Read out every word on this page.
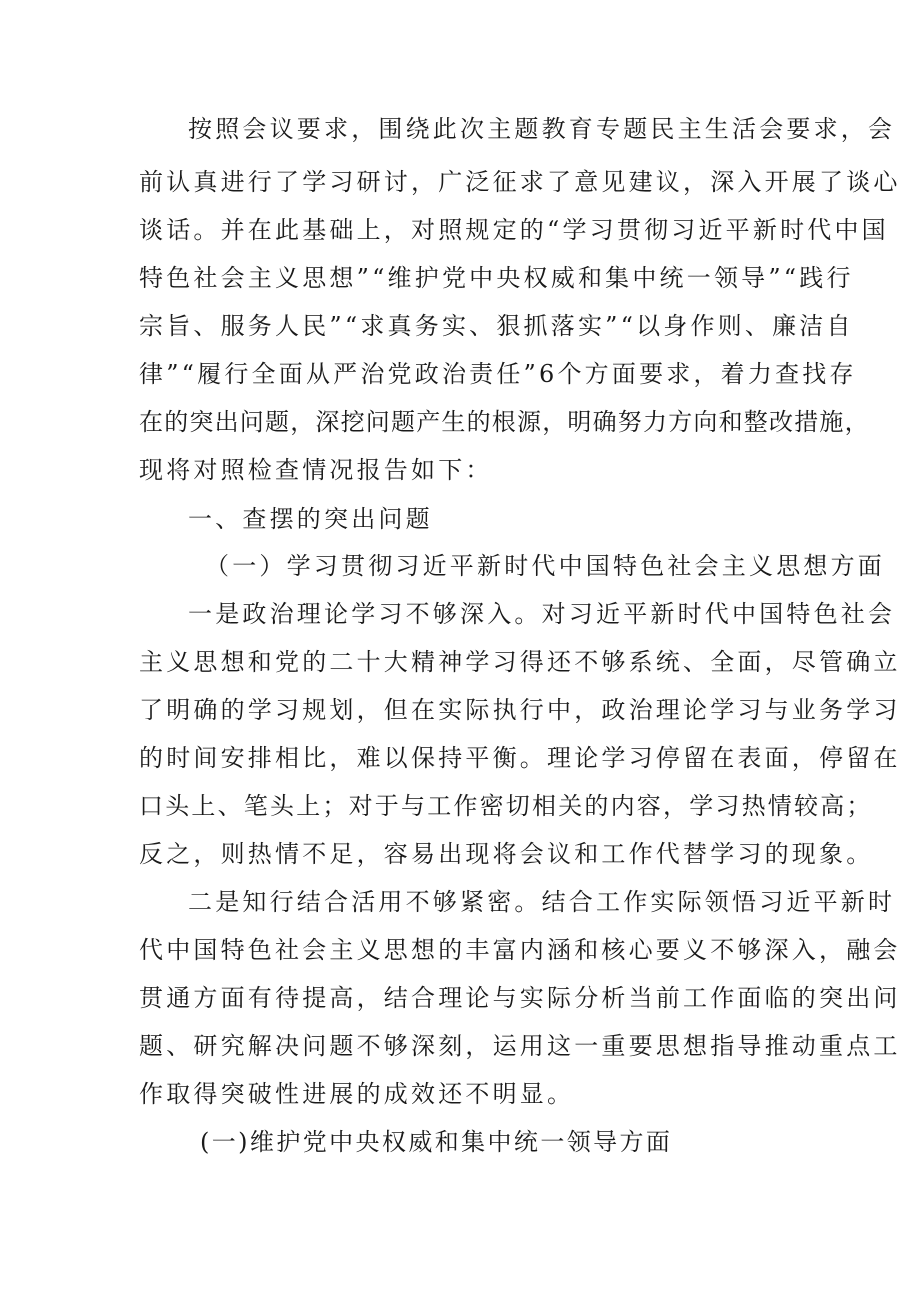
按照会议要求，围绕此次主题教育专题民主生活会要求，会
前认真进行了学习研讨，广泛征求了意见建议，深入开展了谈心
谈话。并在此基础上，对照规定的“学习贯彻习近平新时代中国
特色社会主义思想”“维护党中央权威和集中统一领导”“践行
宗旨、服务人民”“求真务实、狠抓落实”“以身作则、廉洁自
律”“履行全面从严治党政治责任”6个方面要求，着力查找存
在的突出问题，深挖问题产生的根源，明确努力方向和整改措施，
现将对照检查情况报告如下：
一、查摆的突出问题
（一）学习贯彻习近平新时代中国特色社会主义思想方面
一是政治理论学习不够深入。对习近平新时代中国特色社会
主义思想和党的二十大精神学习得还不够系统、全面，尽管确立
了明确的学习规划，但在实际执行中，政治理论学习与业务学习
的时间安排相比，难以保持平衡。理论学习停留在表面，停留在
口头上、笔头上；对于与工作密切相关的内容，学习热情较高；
反之，则热情不足，容易出现将会议和工作代替学习的现象。
二是知行结合活用不够紧密。结合工作实际领悟习近平新时
代中国特色社会主义思想的丰富内涵和核心要义不够深入，融会
贯通方面有待提高，结合理论与实际分析当前工作面临的突出问
题、研究解决问题不够深刻，运用这一重要思想指导推动重点工
作取得突破性进展的成效还不明显。
(一)维护党中央权威和集中统一领导方面
